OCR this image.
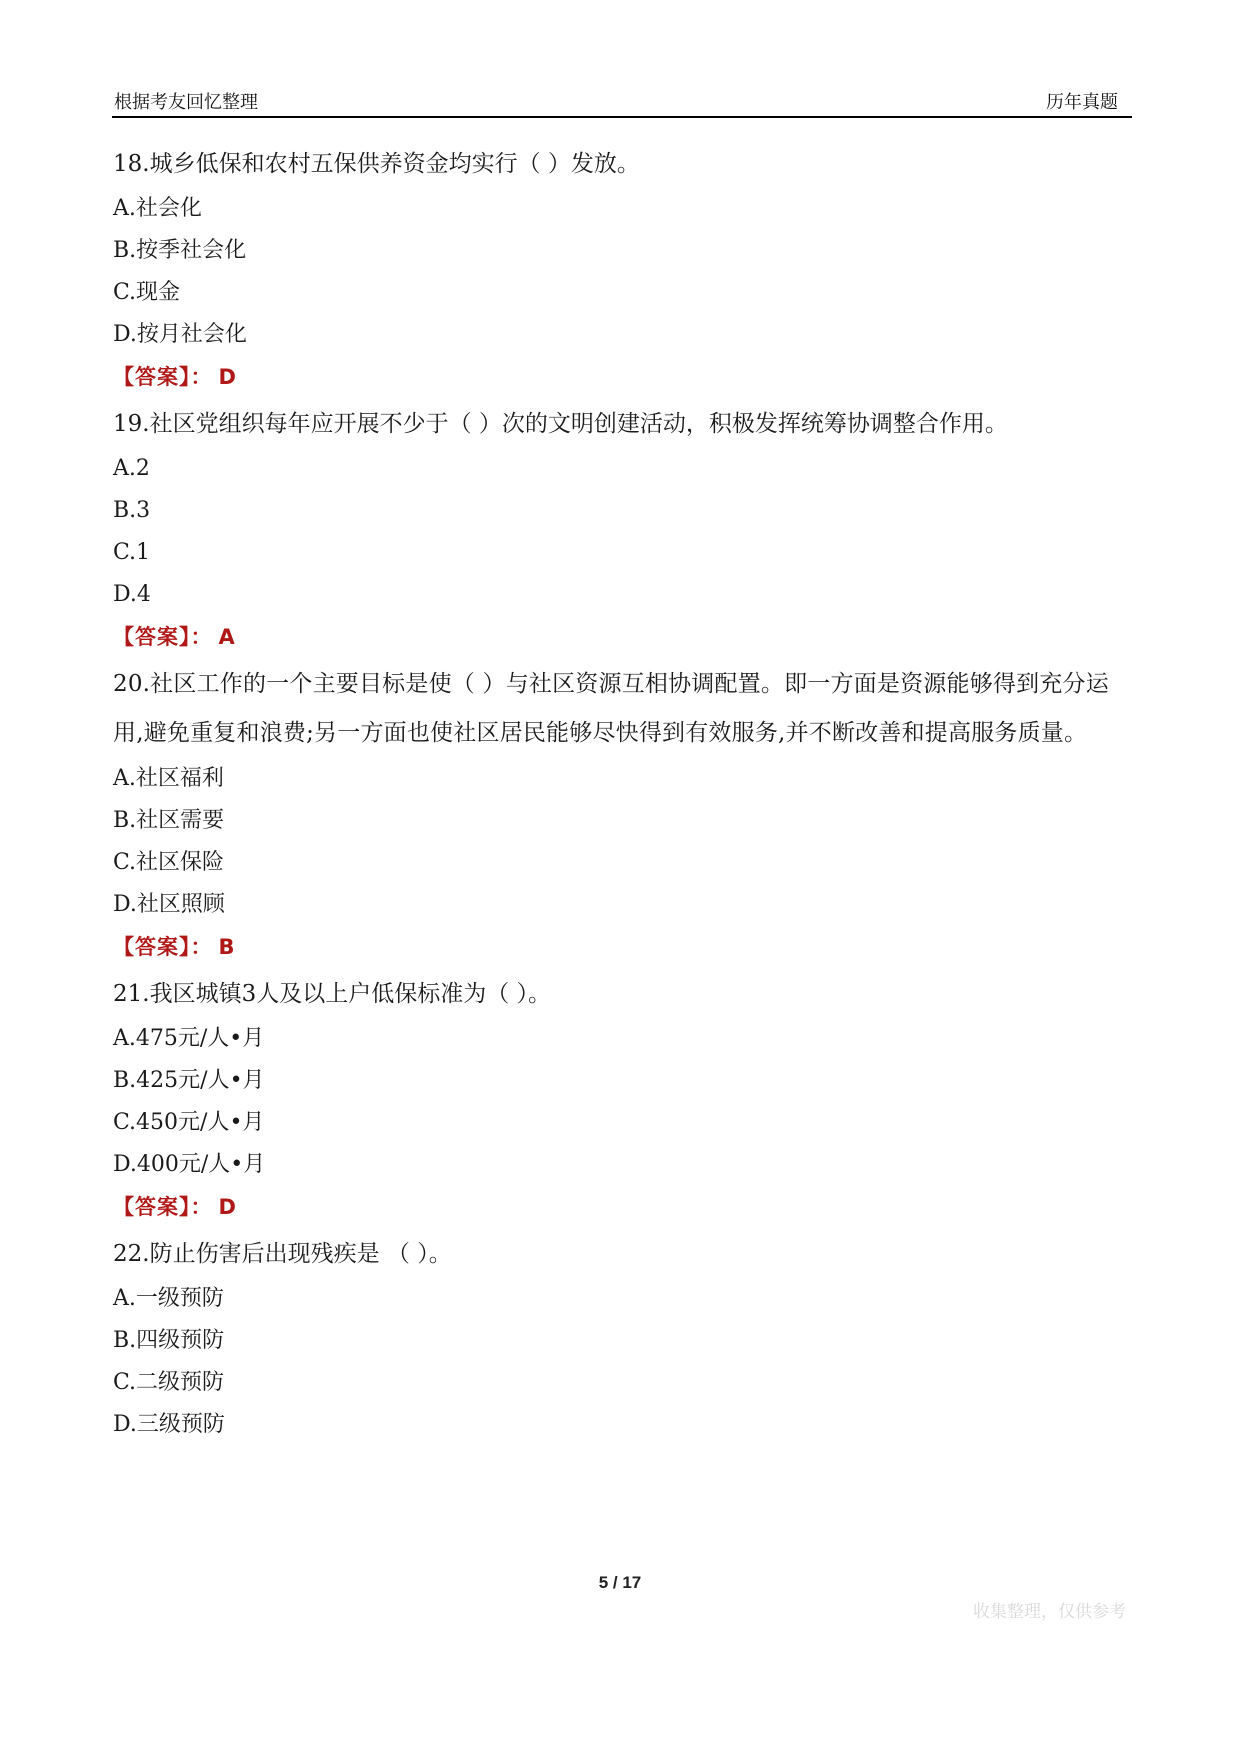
根据考友回忆整理	历年真题
18.城乡低保和农村五保供养资金均实行（ ）发放。
A.社会化
B.按季社会化
C.现金
D.按月社会化
【答案】： D
19.社区党组织每年应开展不少于（ ）次的文明创建活动，积极发挥统筹协调整合作用。
A.2
B.3
C.1
D.4
【答案】： A
20.社区工作的一个主要目标是使（ ）与社区资源互相协调配置。即一方面是资源能够得到充分运用,避免重复和浪费;另一方面也使社区居民能够尽快得到有效服务,并不断改善和提高服务质量。
A.社区福利
B.社区需要
C.社区保险
D.社区照顾
【答案】： B
21.我区城镇3人及以上户低保标准为（ ）。
A.475元/人•月
B.425元/人•月
C.450元/人•月
D.400元/人•月
【答案】： D
22.防止伤害后出现残疾是 （ ）。
A.一级预防
B.四级预防
C.二级预防
D.三级预防
5 / 17
收集整理，仅供参考
